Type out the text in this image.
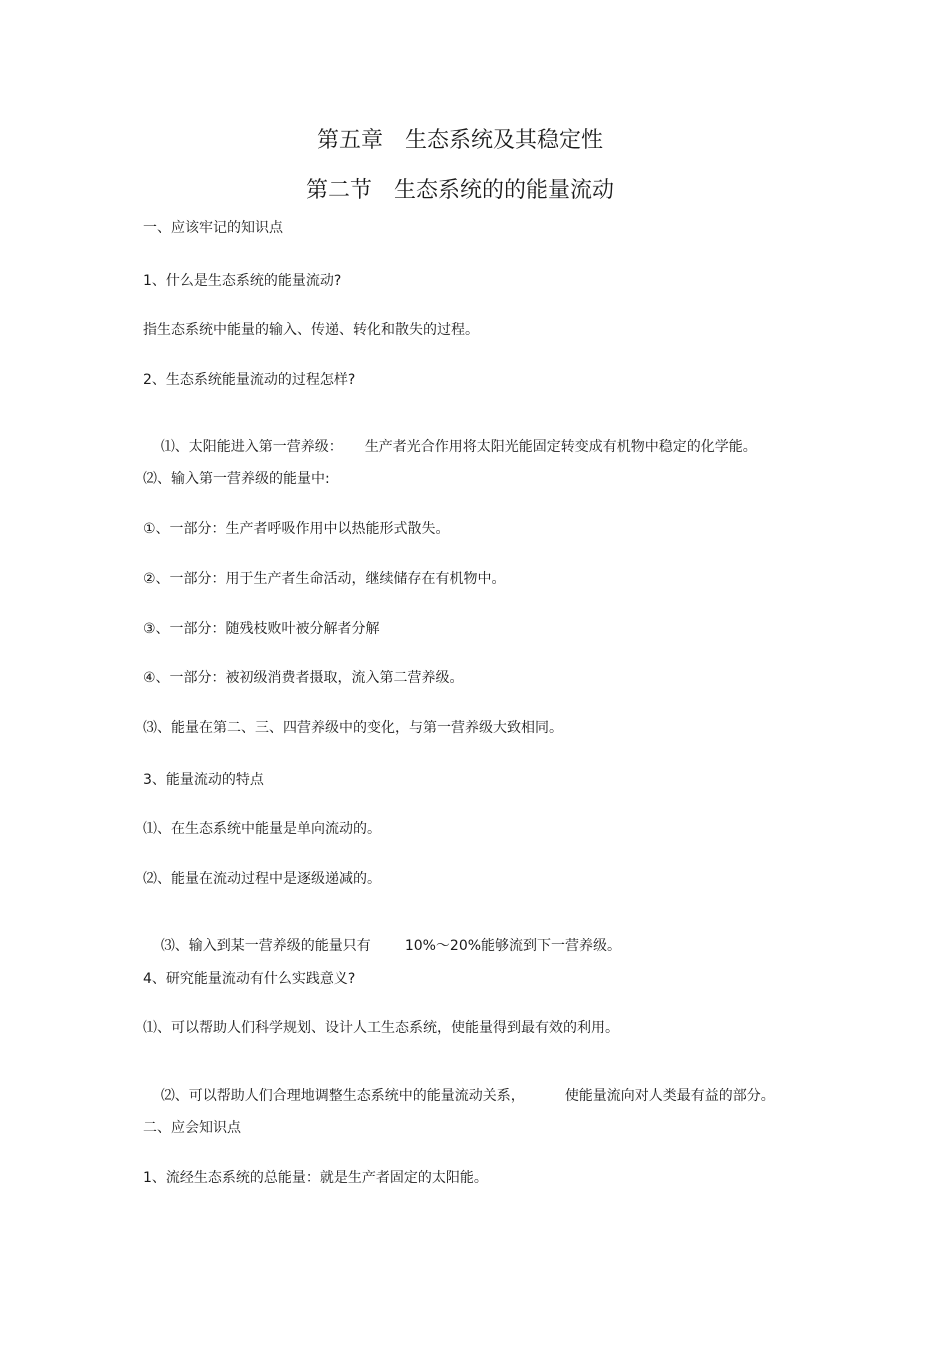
第五章　生态系统及其稳定性
第二节　生态系统的的能量流动
一、应该牢记的知识点
1、什么是生态系统的能量流动?
指生态系统中能量的输入、传递、转化和散失的过程。
2、生态系统能量流动的过程怎样?

⑴、太阳能进入第一营养级： 生产者光合作用将太阳光能固定转变成有机物中稳定的化学能。

⑵、输入第一营养级的能量中:
①、一部分：生产者呼吸作用中以热能形式散失。
②、一部分：用于生产者生命活动，继续储存在有机物中。
③、一部分：随残枝败叶被分解者分解
④、一部分：被初级消费者摄取，流入第二营养级。
⑶、能量在第二、三、四营养级中的变化，与第一营养级大致相同。
3、能量流动的特点
⑴、在生态系统中能量是单向流动的。
⑵、能量在流动过程中是逐级递减的。

⑶、输入到某一营养级的能量只有 10%～20%能够流到下一营养级。

4、研究能量流动有什么实践意义?
⑴、可以帮助人们科学规划、设计人工生态系统，使能量得到最有效的利用。

⑵、可以帮助人们合理地调整生态系统中的能量流动关系，	使能量流向对人类最有益的部分。

二、应会知识点
1、流经生态系统的总能量：就是生产者固定的太阳能。
